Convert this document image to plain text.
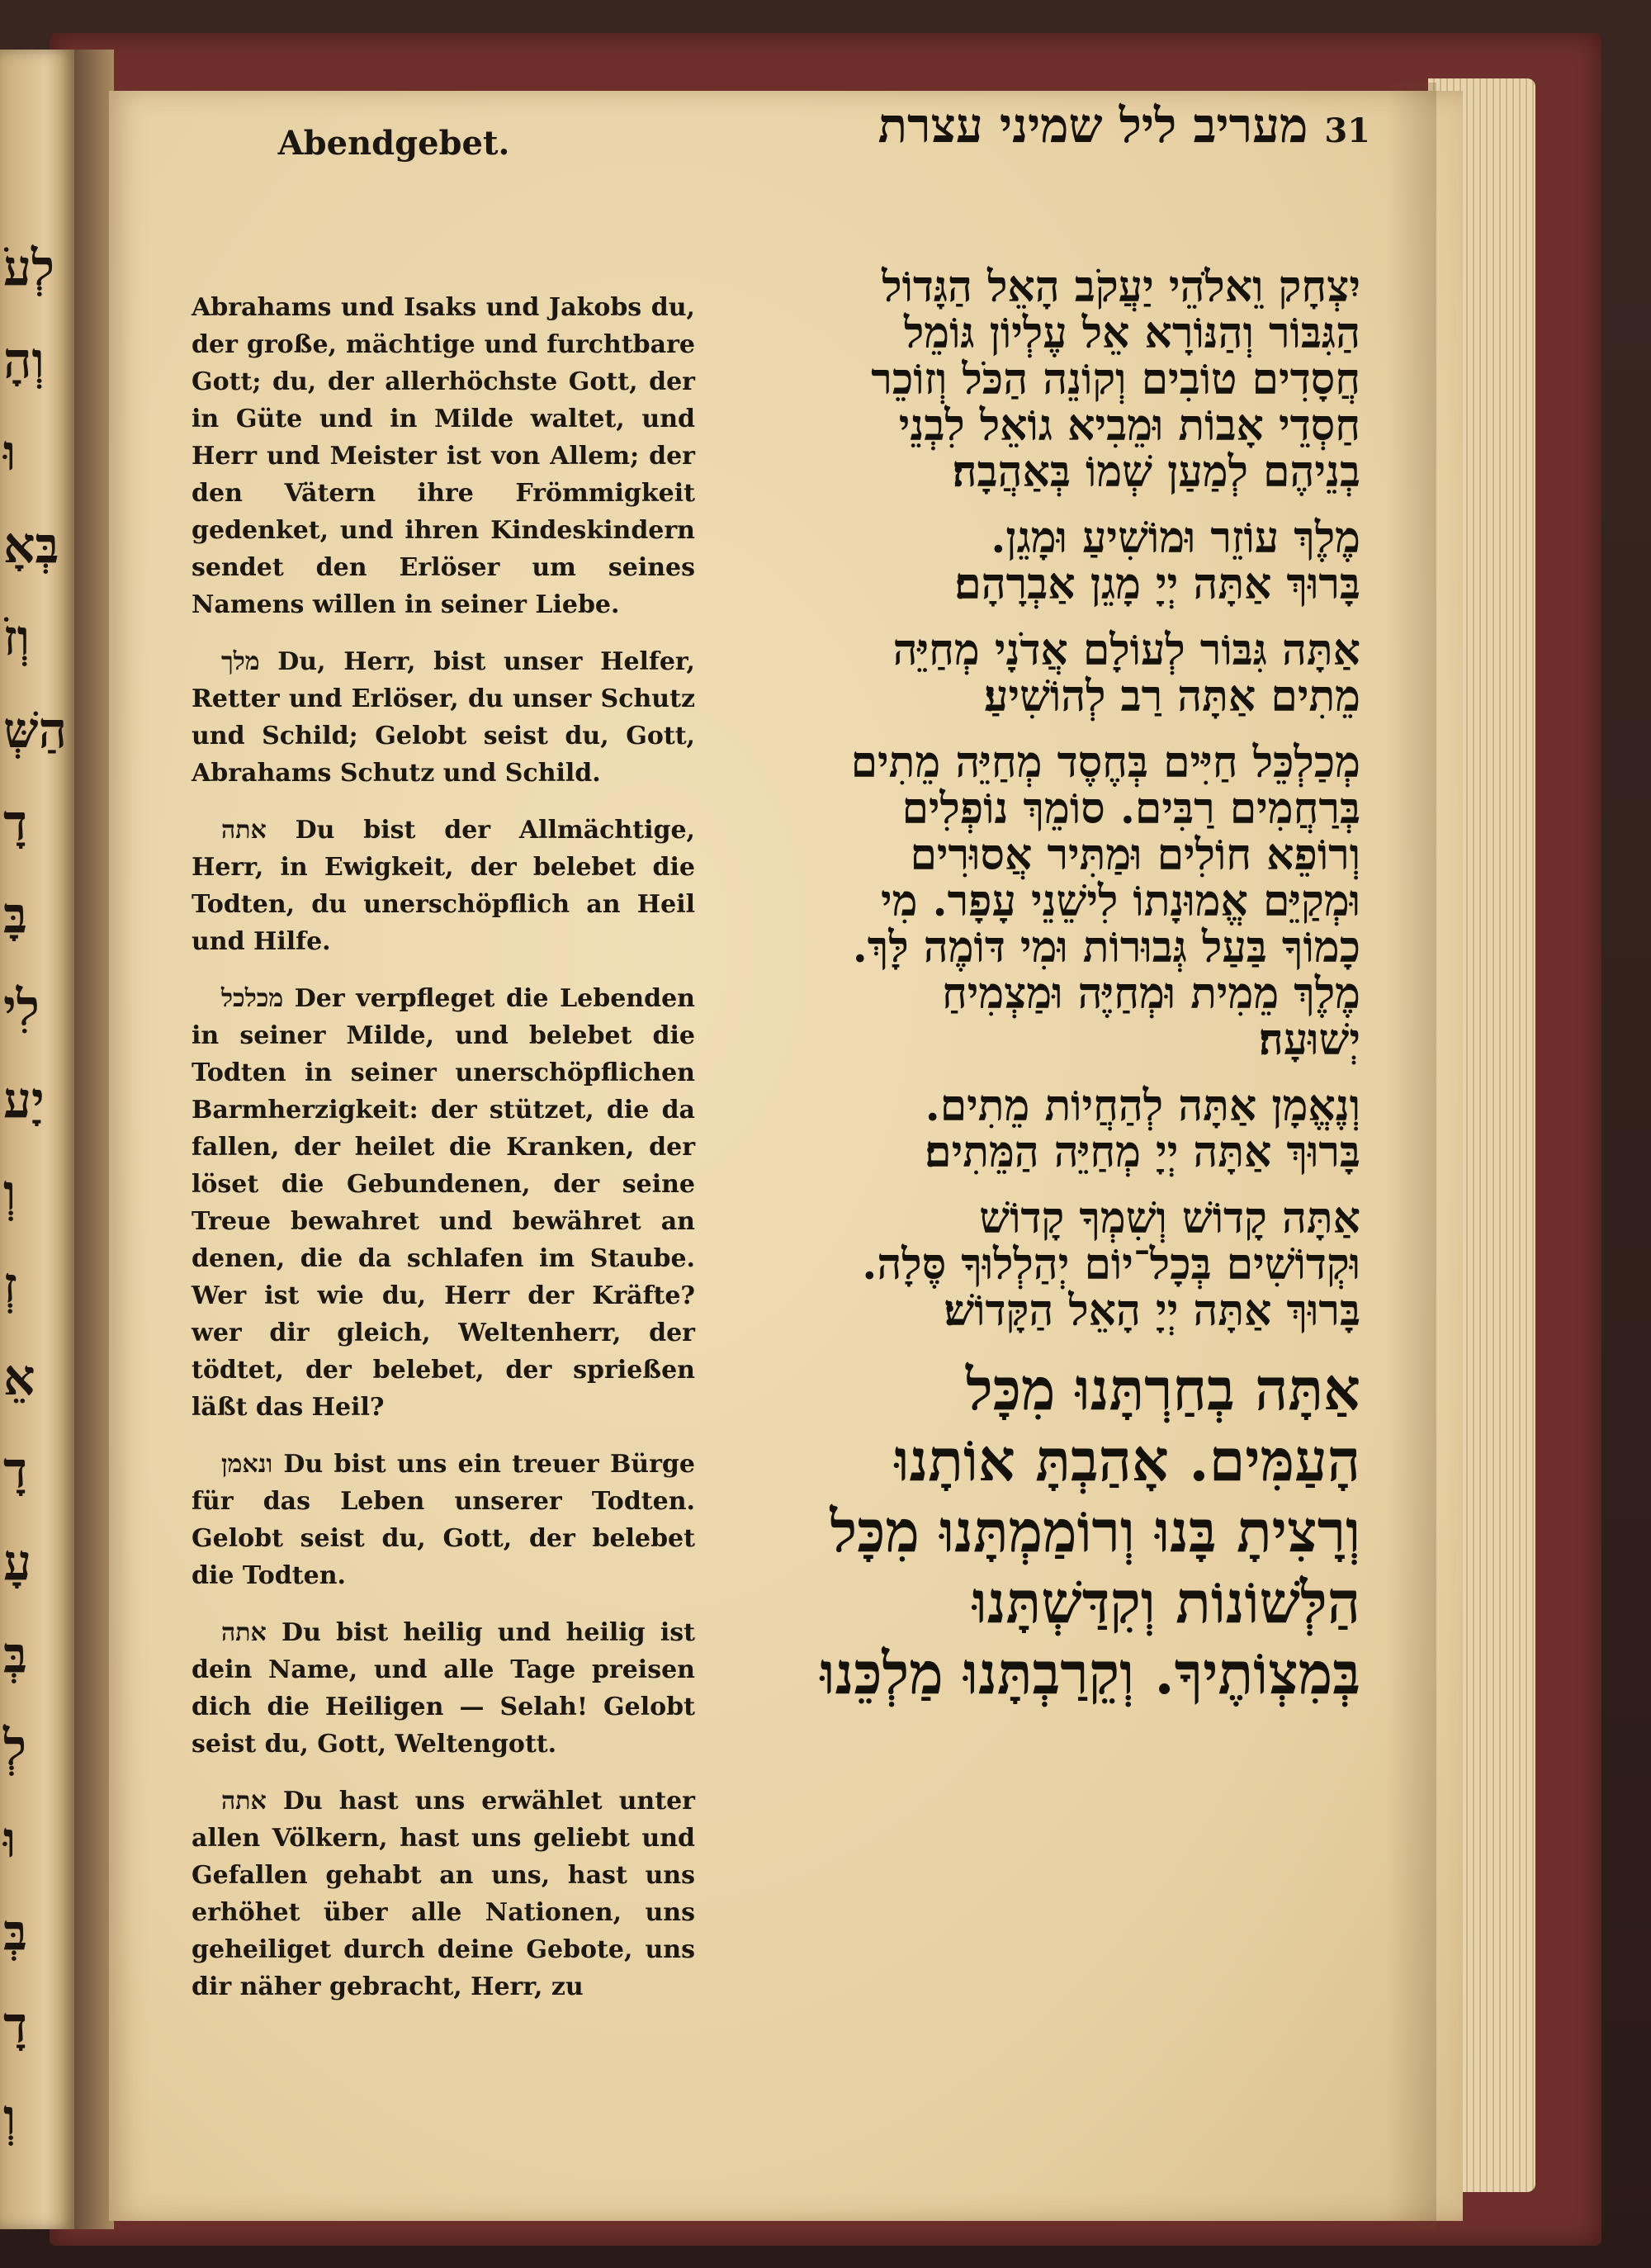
Abendgebet.	31
מעריב ליל שמיני עצרת

Abrahams und Isaks und Jakobs du, der große, mächtige und furchtbare Gott; du, der allerhöchste Gott, der in Güte und in Milde waltet, und Herr und Meister ist von Allem; der den Vätern ihre Frömmigkeit gedenket, und ihren Kindeskindern sendet den Erlöser um seines Namens willen in seiner Liebe.

מלך Du, Herr, bist unser Helfer, Retter und Erlöser, du unser Schutz und Schild; Gelobt seist du, Gott, Abrahams Schutz und Schild.

אתה Du bist der Allmächtige, Herr, in Ewigkeit, der belebet die Todten, du unerschöpflich an Heil und Hilfe.

מכלכל Der verpfleget die Lebenden in seiner Milde, und belebet die Todten in seiner unerschöpflichen Barmherzigkeit: der stützet, die da fallen, der heilet die Kranken, der löset die Gebundenen, der seine Treue bewahret und bewähret an denen, die da schlafen im Staube. Wer ist wie du, Herr der Kräfte? wer dir gleich, Weltenherr, der tödtet, der belebet, der sprießen läßt das Heil?

ונאמן Du bist uns ein treuer Bürge für das Leben unserer Todten. Gelobt seist du, Gott, der belebet die Todten.

אתה Du bist heilig und heilig ist dein Name, und alle Tage preisen dich die Heiligen — Selah! Gelobt seist du, Gott, Weltengott.

אתה Du hast uns erwählet unter allen Völkern, hast uns geliebt und Gefallen gehabt an uns, hast uns erhöhet über alle Nationen, uns geheiliget durch deine Gebote, uns dir näher gebracht, Herr, zu

יִצְחָק וֵאלֹהֵי יַעֲקֹב הָאֵל הַגָּדוֹל
הַגִּבּוֹר וְהַנּוֹרָא אֵל עֶלְיוֹן גּוֹמֵל
חֲסָדִים טוֹבִים וְקוֹנֵה הַכֹּל וְזוֹכֵר
חַסְדֵי אָבוֹת וּמֵבִיא גוֹאֵל לִבְנֵי
בְנֵיהֶם לְמַעַן שְׁמוֹ בְּאַהֲבָה׃
מֶלֶךְ עוֹזֵר וּמוֹשִׁיעַ וּמָגֵן.
בָּרוּךְ אַתָּה יְיָ מָגֵן אַבְרָהָם׃
אַתָּה גִּבּוֹר לְעוֹלָם אֲדֹנָי מְחַיֵּה
מֵתִים אַתָּה רַב לְהוֹשִׁיעַ׃
מְכַלְכֵּל חַיִּים בְּחֶסֶד מְחַיֵּה מֵתִים
בְּרַחֲמִים רַבִּים. סוֹמֵךְ נוֹפְלִים
וְרוֹפֵא חוֹלִים וּמַתִּיר אֲסוּרִים
וּמְקַיֵּם אֱמוּנָתוֹ לִישֵׁנֵי עָפָר. מִי
כָמוֹךָ בַּעַל גְּבוּרוֹת וּמִי דּוֹמֶה לָּךְ.
מֶלֶךְ מֵמִית וּמְחַיֶּה וּמַצְמִיחַ
יְשׁוּעָה׃
וְנֶאֱמָן אַתָּה לְהַחֲיוֹת מֵתִים.
בָּרוּךְ אַתָּה יְיָ מְחַיֵּה הַמֵּתִים׃
אַתָּה קָדוֹשׁ וְשִׁמְךָ קָדוֹשׁ
וּקְדוֹשִׁים בְּכָל־יוֹם יְהַלְלוּךָ סֶּלָה.
בָּרוּךְ אַתָּה יְיָ הָאֵל הַקָּדוֹשׁ׃
אַתָּה בְחַרְתָּנוּ מִכָּל
הָעַמִּים. אָהַבְתָּ אוֹתָנוּ
וְרָצִיתָ בָּנוּ וְרוֹמַמְתָּנוּ מִכָּל
הַלְּשׁוֹנוֹת וְקִדַּשְׁתָּנוּ
בְּמִצְוֹתֶיךָ. וְקֵרַבְתָּנוּ מַלְכֵּנוּ
לְעֹ
וְהָ
וּ
בְּאָ
וְזֹ
הַשְּׁ
דָ
בָּ
לִי
יָע
וְ
זְ
אֵ
דָ
עָ
בְּ
לְ
וּ
בְּ
דָ
וְ
